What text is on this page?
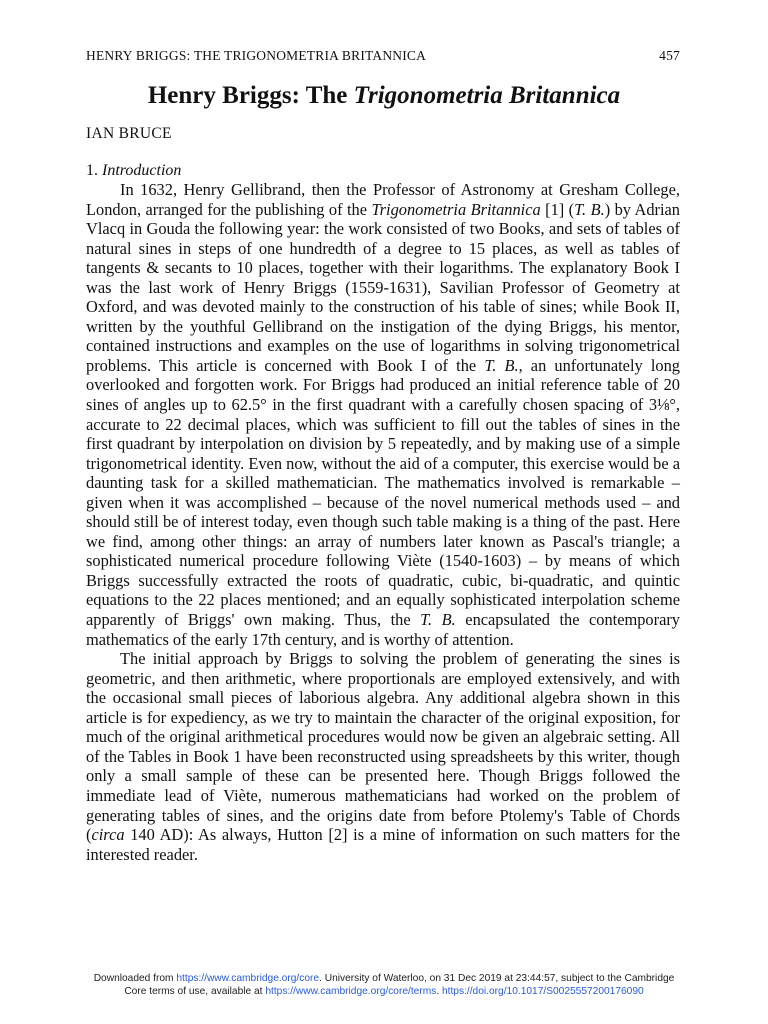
HENRY BRIGGS: THE TRIGONOMETRIA BRITANNICA	457
Henry Briggs: The Trigonometria Britannica
IAN BRUCE
1. Introduction

In 1632, Henry Gellibrand, then the Professor of Astronomy at Gresham College, London, arranged for the publishing of the Trigonometria Britannica [1] (T. B.) by Adrian Vlacq in Gouda the following year: the work consisted of two Books, and sets of tables of natural sines in steps of one hundredth of a degree to 15 places, as well as tables of tangents & secants to 10 places, together with their logarithms. The explanatory Book I was the last work of Henry Briggs (1559-1631), Savilian Professor of Geometry at Oxford, and was devoted mainly to the construction of his table of sines; while Book II, written by the youthful Gellibrand on the instigation of the dying Briggs, his mentor, contained instructions and examples on the use of logarithms in solving trigonometrical problems. This article is concerned with Book I of the T. B., an unfortunately long overlooked and forgotten work. For Briggs had produced an initial reference table of 20 sines of angles up to 62.5° in the first quadrant with a carefully chosen spacing of 3⅛°, accurate to 22 decimal places, which was sufficient to fill out the tables of sines in the first quadrant by interpolation on division by 5 repeatedly, and by making use of a simple trigonometrical identity. Even now, without the aid of a computer, this exercise would be a daunting task for a skilled mathematician. The mathematics involved is remarkable – given when it was accomplished – because of the novel numerical methods used – and should still be of interest today, even though such table making is a thing of the past. Here we find, among other things: an array of numbers later known as Pascal's triangle; a sophisticated numerical procedure following Viète (1540-1603) – by means of which Briggs successfully extracted the roots of quadratic, cubic, bi-quadratic, and quintic equations to the 22 places mentioned; and an equally sophisticated interpolation scheme apparently of Briggs' own making. Thus, the T. B. encapsulated the contemporary mathematics of the early 17th century, and is worthy of attention.

The initial approach by Briggs to solving the problem of generating the sines is geometric, and then arithmetic, where proportionals are employed extensively, and with the occasional small pieces of laborious algebra. Any additional algebra shown in this article is for expediency, as we try to maintain the character of the original exposition, for much of the original arithmetical procedures would now be given an algebraic setting. All of the Tables in Book 1 have been reconstructed using spreadsheets by this writer, though only a small sample of these can be presented here. Though Briggs followed the immediate lead of Viète, numerous mathematicians had worked on the problem of generating tables of sines, and the origins date from before Ptolemy's Table of Chords (circa 140 AD): As always, Hutton [2] is a mine of information on such matters for the interested reader.

Downloaded from https://www.cambridge.org/core. University of Waterloo, on 31 Dec 2019 at 23:44:57, subject to the Cambridge
Core terms of use, available at https://www.cambridge.org/core/terms. https://doi.org/10.1017/S0025557200176090
